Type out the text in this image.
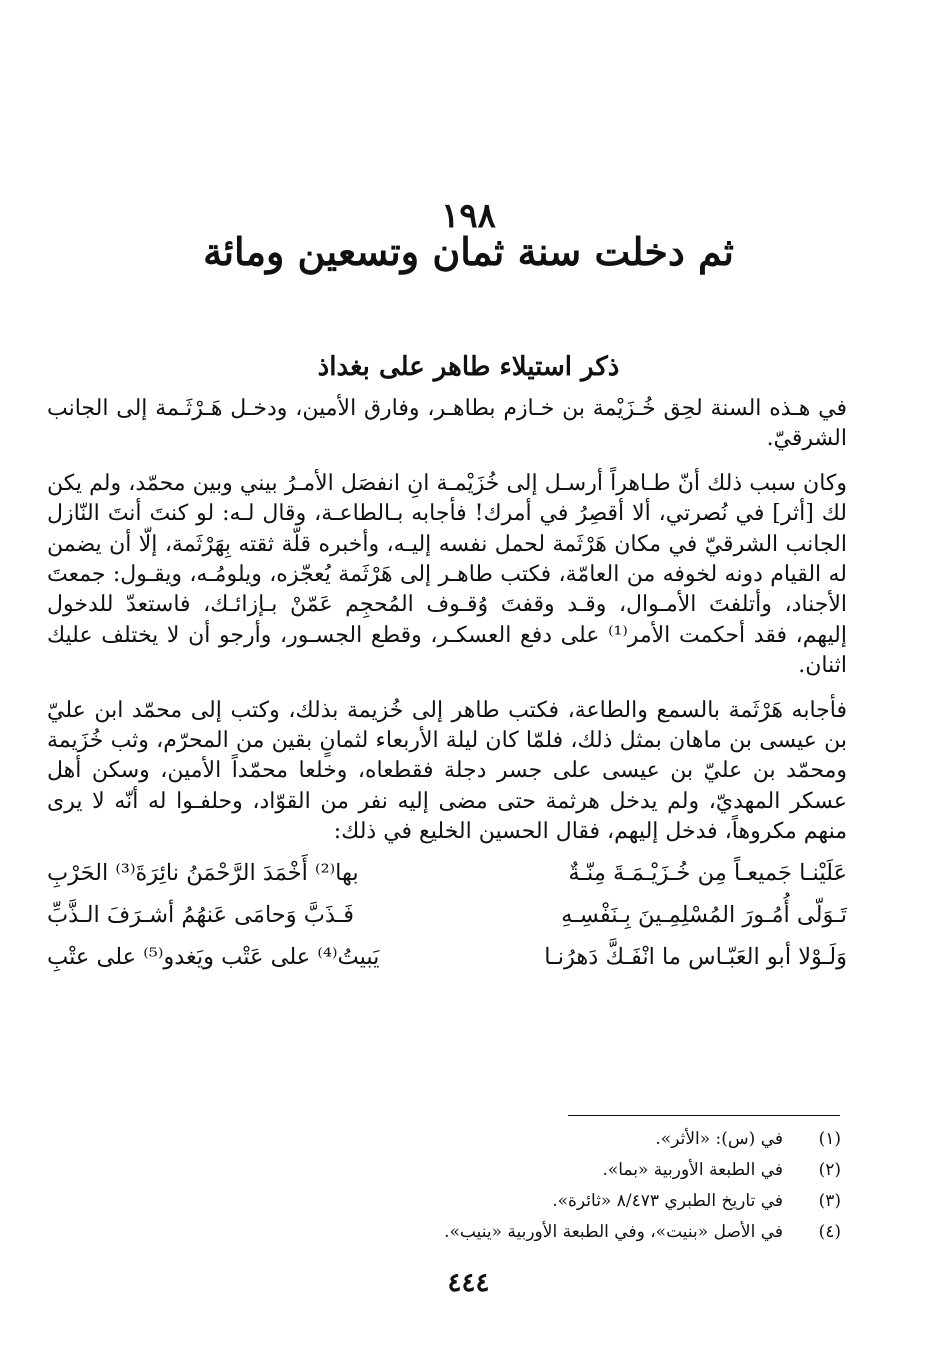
١٩٨
ثم دخلت سنة ثمان وتسعين ومائة
ذكر استيلاء طاهر على بغداذ

في هـذه السنة لحِق خُـزَيْمة بن خـازم بطاهـر، وفارق الأمين، ودخـل هَـرْثَـمة إلى الجانب الشرقيّ.

وكان سبب ذلك أنّ طـاهراً أرسـل إلى خُزَيْمـة انِ انفصَل الأمـرُ بيني وبين محمّد، ولم يكن لك [أثر] في نُصرتي، ألا أقصِرُ في أمرك! فأجابه بـالطاعـة، وقال لـه: لو كنتَ أنتَ النّازل الجانب الشرقيّ في مكان هَرْثَمة لحمل نفسه إليـه، وأخبره قلّة ثقته بِهَرْثَمة، إلّا أن يضمن له القيام دونه لخوفه من العامّة، فكتب طاهـر إلى هَرْثَمة يُعجّزه، ويلومُـه، ويقـول: جمعتَ الأجناد، وأتلفتَ الأمـوال، وقـد وقفتَ وُقـوف المُحجِم عَمّنْ بـإزائـك، فاستعدّ للدخول إليهم، فقد أحكمت الأمر⁽¹⁾ على دفع العسكـر، وقطع الجسـور، وأرجو أن لا يختلف عليك اثنان.

فأجابه هَرْثَمة بالسمع والطاعة، فكتب طاهر إلى خُزيمة بذلك، وكتب إلى محمّد ابن عليّ بن عيسى بن ماهان بمثل ذلك، فلمّا كان ليلة الأربعاء لثمانٍ بقين من المحرّم، وثب خُزَيمة ومحمّد بن عليّ بن عيسى على جسر دجلة فقطعاه، وخلعا محمّداً الأمين، وسكن أهل عسكر المهديّ، ولم يدخل هرثمة حتى مضى إليه نفر من القوّاد، وحلفـوا له أنّه لا يرى منهم مكروهاً، فدخل إليهم، فقال الحسين الخليع في ذلك:

عَلَيْنـا جَميعـاً مِن خُـزَيْـمَـةَ مِنّـةٌ
بها⁽²⁾ أَخْمَدَ الرَّحْمَنُ نائِرَةَ⁽³⁾ الحَرْبِ
تَـوَلّى أُمُـورَ المُسْلِمِـينَ بِـنَفْسِـهِ
فَـذَبَّ وَحامَى عَنهُمُ أشـرَفَ الـذَّبِّ
وَلَـوْلا أبو العَبّـاس ما انْفَـكَّ دَهرُنـا
يَبيتُ⁽⁴⁾ على عَتْب ويَغدو⁽⁵⁾ على عتْبِ
(١)
في (س): «الأثر».
(٢)
في الطبعة الأوربية «بما».
(٣)
في تاريخ الطبري ٨/٤٧٣ «ثائرة».
(٤)
في الأصل «بنيت»، وفي الطبعة الأوربية «ينيب».
٤٤٤
